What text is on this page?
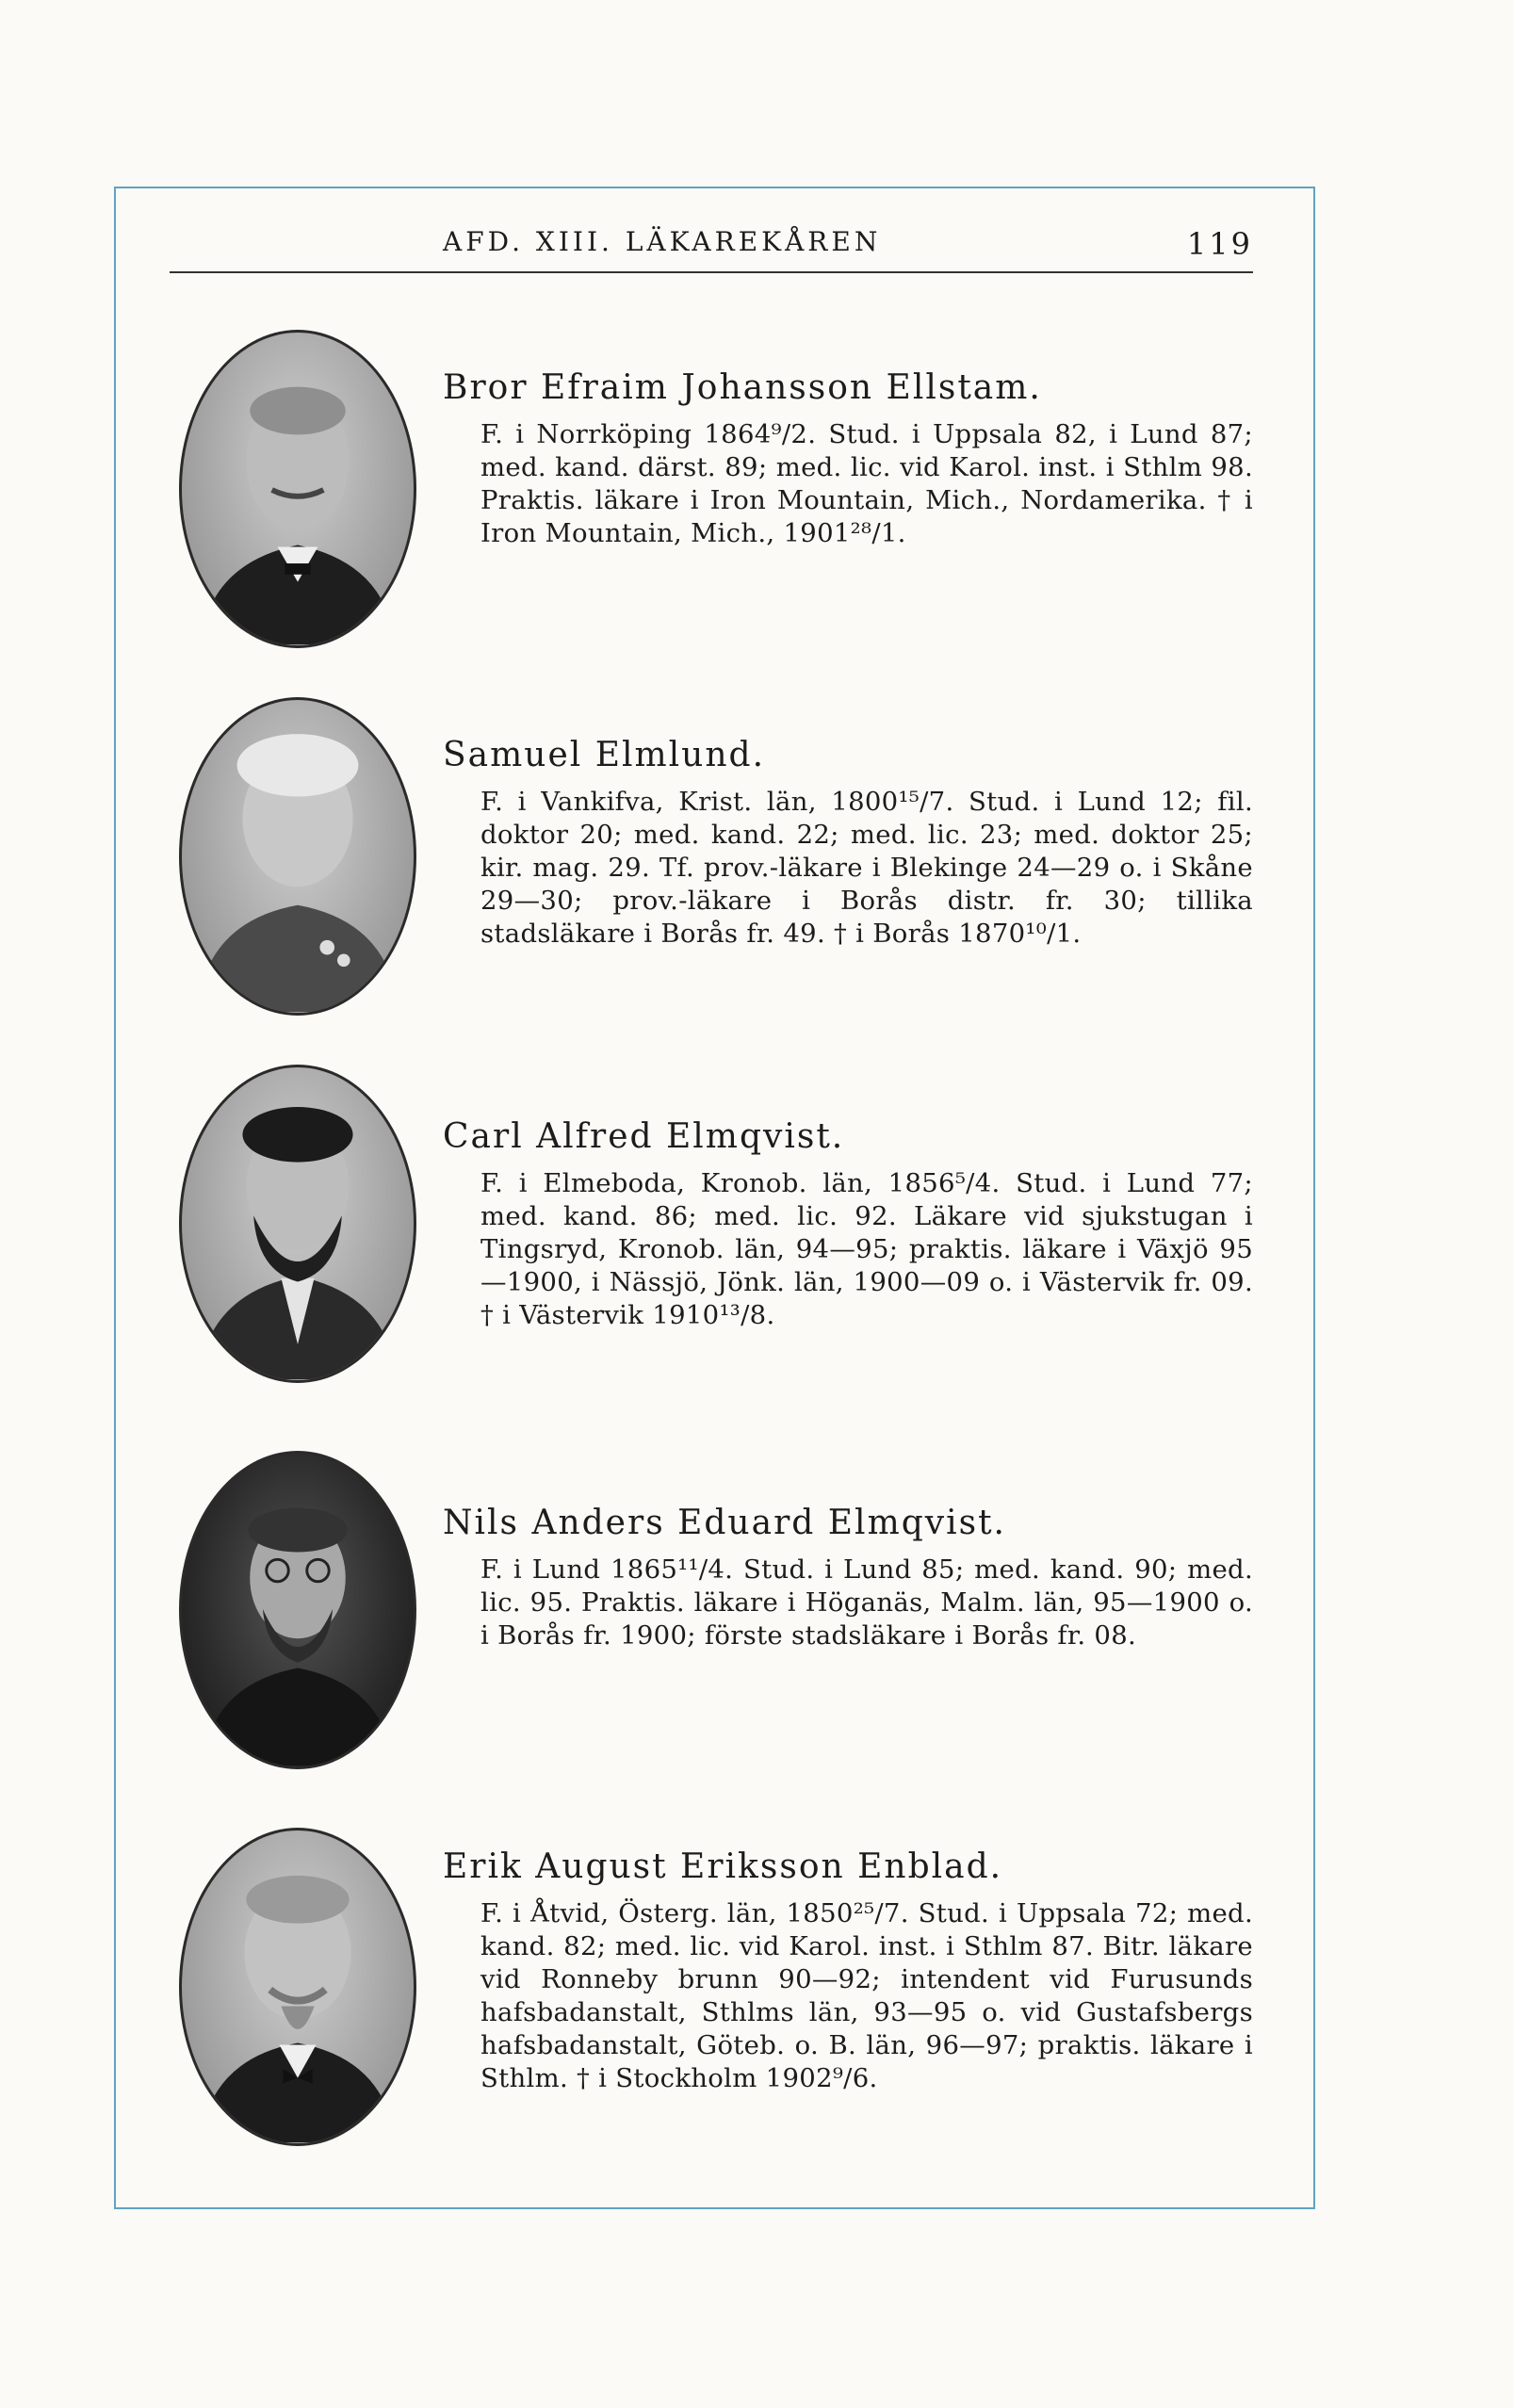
AFD. XIII. LÄKAREKÅREN	119
Bror Efraim Johansson Ellstam.
F. i Norrköping 1864⁹/2. Stud. i Uppsala 82, i Lund 87; med. kand. därst. 89; med. lic. vid Karol. inst. i Sthlm 98. Praktis. läkare i Iron Mountain, Mich., Nordamerika. † i Iron Mountain, Mich., 1901²⁸/1.
Samuel Elmlund.
F. i Vankifva, Krist. län, 1800¹⁵/7. Stud. i Lund 12; fil. doktor 20; med. kand. 22; med. lic. 23; med. doktor 25; kir. mag. 29. Tf. prov.-läkare i Blekinge 24—29 o. i Skåne 29—30; prov.-läkare i Borås distr. fr. 30; tillika stadsläkare i Borås fr. 49. † i Borås 1870¹⁰/1.
Carl Alfred Elmqvist.
F. i Elmeboda, Kronob. län, 1856⁵/4. Stud. i Lund 77; med. kand. 86; med. lic. 92. Läkare vid sjukstugan i Tingsryd, Kronob. län, 94—95; praktis. läkare i Växjö 95—1900, i Nässjö, Jönk. län, 1900—09 o. i Västervik fr. 09. † i Västervik 1910¹³/8.
Nils Anders Eduard Elmqvist.
F. i Lund 1865¹¹/4. Stud. i Lund 85; med. kand. 90; med. lic. 95. Praktis. läkare i Höganäs, Malm. län, 95—1900 o. i Borås fr. 1900; förste stadsläkare i Borås fr. 08.
Erik August Eriksson Enblad.
F. i Åtvid, Österg. län, 1850²⁵/7. Stud. i Uppsala 72; med. kand. 82; med. lic. vid Karol. inst. i Sthlm 87. Bitr. läkare vid Ronneby brunn 90—92; intendent vid Furusunds hafsbadanstalt, Sthlms län, 93—95 o. vid Gustafsbergs hafsbadanstalt, Göteb. o. B. län, 96—97; praktis. läkare i Sthlm. † i Stockholm 1902⁹/6.
